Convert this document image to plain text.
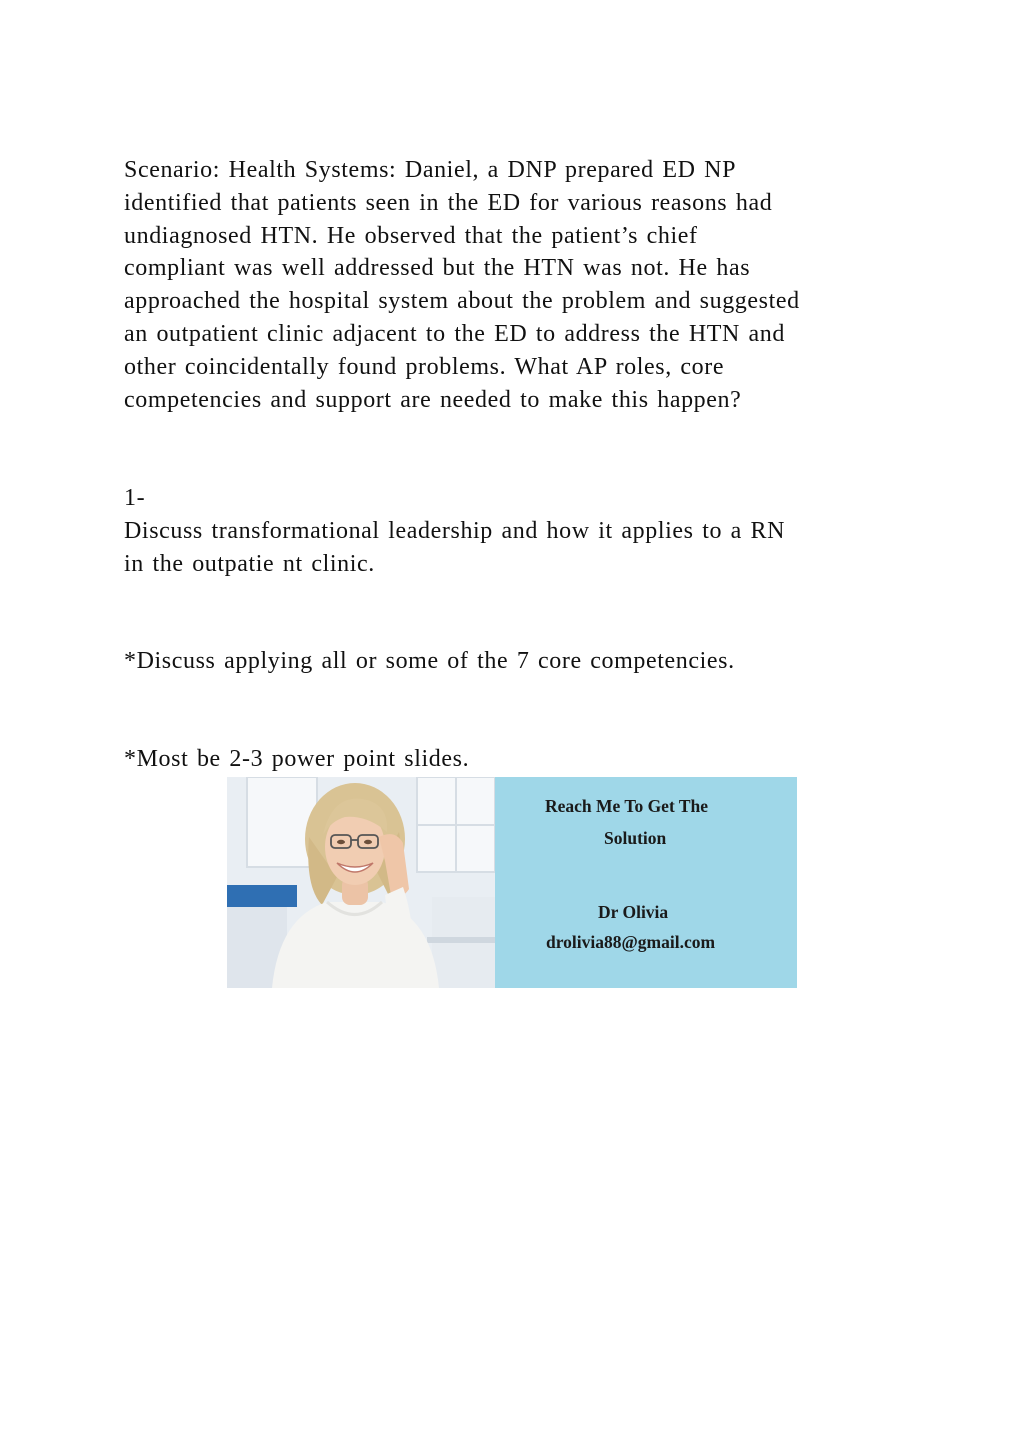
Scenario: Health Systems: Daniel, a DNP prepared ED NP
identified that patients seen in the ED for various reasons had
undiagnosed HTN. He observed that the patient’s chief
compliant was well addressed but the HTN was not. He has
approached the hospital system about the problem and suggested
an outpatient clinic adjacent to the ED to address the HTN and
other coincidentally found problems. What AP roles, core
competencies and support are needed to make this happen?
1-
Discuss transformational leadership and how it applies to a RN
in the outpatie nt clinic.
*Discuss applying all or some of the 7 core competencies.
*Most be 2-3 power point slides.
Reach Me To Get The
Solution
Dr Olivia
drolivia88@gmail.com
